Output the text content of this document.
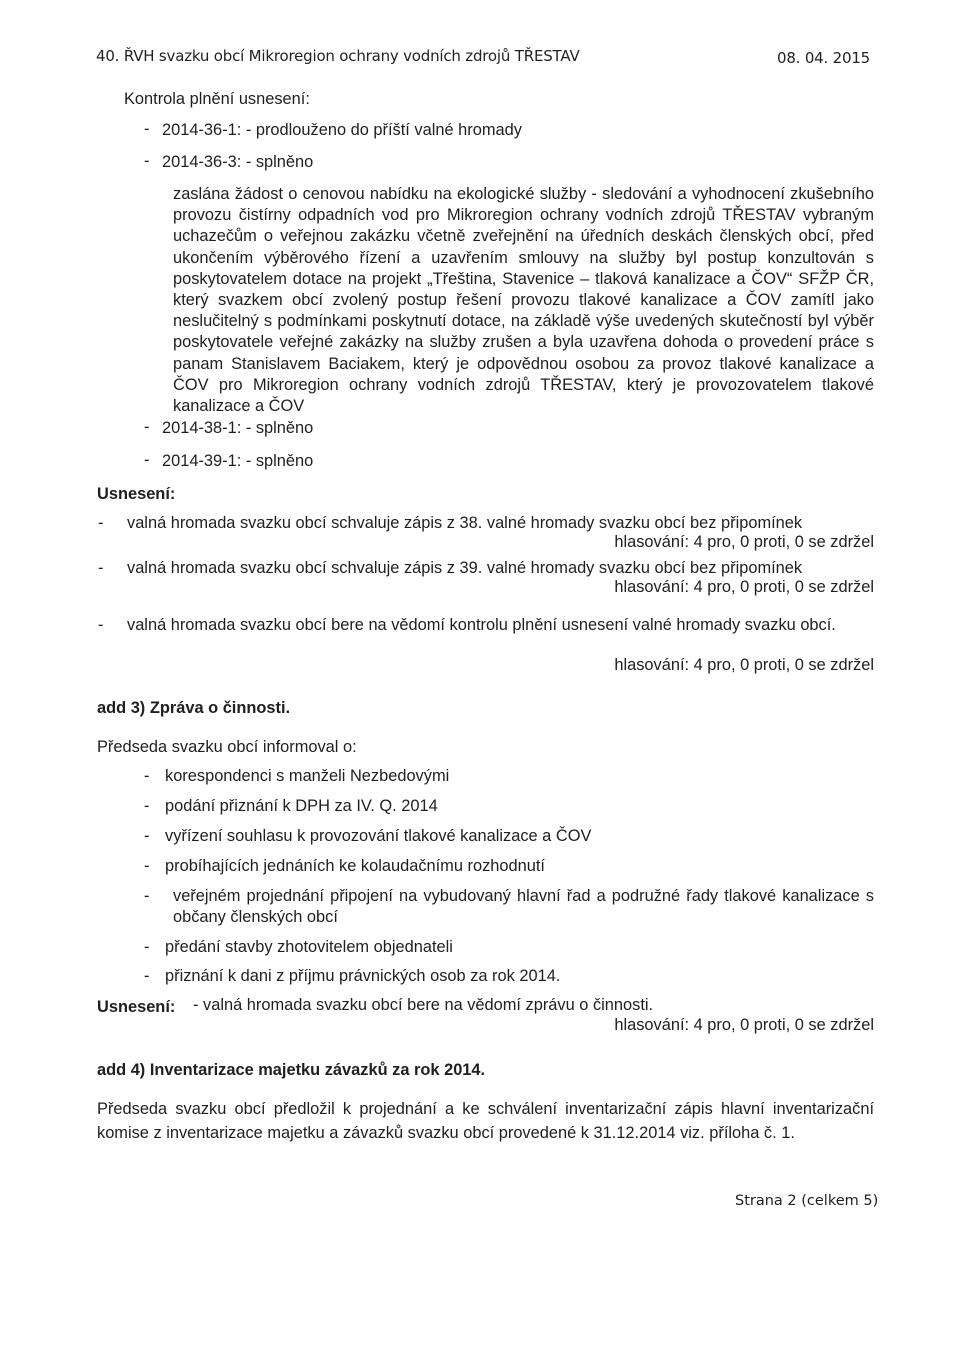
40. ŘVH svazku obcí Mikroregion ochrany vodních zdrojů TŘESTAV	08. 04. 2015
Kontrola plnění usnesení:
- 2014-36-1: - prodlouženo do příští valné hromady
- 2014-36-3: - splněno
zaslána žádost o cenovou nabídku na ekologické služby - sledování a vyhodnocení zkušebního provozu čistírny odpadních vod pro Mikroregion ochrany vodních zdrojů TŘESTAV vybraným uchazečům o veřejnou zakázku včetně zveřejnění na úředních deskách členských obcí, před ukončením výběrového řízení a uzavřením smlouvy na služby byl postup konzultován s poskytovatelem dotace na projekt „Třeština, Stavenice – tlaková kanalizace a ČOV“ SFŽP ČR, který svazkem obcí zvolený postup řešení provozu tlakové kanalizace a ČOV zamítl jako neslučitelný s podmínkami poskytnutí dotace, na základě výše uvedených skutečností byl výběr poskytovatele veřejné zakázky na služby zrušen a byla uzavřena dohoda o provedení práce s panam Stanislavem Baciakem, který je odpovědnou osobou za provoz tlakové kanalizace a ČOV pro Mikroregion ochrany vodních zdrojů TŘESTAV, který je provozovatelem tlakové kanalizace a ČOV
- 2014-38-1: - splněno
- 2014-39-1: - splněno
Usnesení:
- valná hromada svazku obcí schvaluje zápis z 38. valné hromady svazku obcí bez připomínek
hlasování: 4 pro, 0 proti, 0 se zdržel
- valná hromada svazku obcí schvaluje zápis z 39. valné hromady svazku obcí bez připomínek
hlasování: 4 pro, 0 proti, 0 se zdržel
- valná hromada svazku obcí bere na vědomí kontrolu plnění usnesení valné hromady svazku obcí.
hlasování: 4 pro, 0 proti, 0 se zdržel
add 3) Zpráva o činnosti.
Předseda svazku obcí informoval o:
- korespondenci s manželi Nezbedovými
- podání přiznání k DPH za IV. Q. 2014
- vyřízení souhlasu k provozování tlakové kanalizace a ČOV
- probíhajících jednáních ke kolaudačnímu rozhodnutí
- veřejném projednání připojení na vybudovaný hlavní řad a podružné řady tlakové kanalizace s občany členských obcí
- předání stavby zhotovitelem objednateli
- přiznání k dani z příjmu právnických osob za rok 2014.
Usnesení: - valná hromada svazku obcí bere na vědomí zprávu o činnosti.
hlasování: 4 pro, 0 proti, 0 se zdržel
add 4) Inventarizace majetku závazků za rok 2014.
Předseda svazku obcí předložil k projednání a ke schválení inventarizační zápis hlavní inventarizační komise z inventarizace majetku a závazků svazku obcí provedené k 31.12.2014 viz. příloha č. 1.
Strana 2 (celkem 5)
